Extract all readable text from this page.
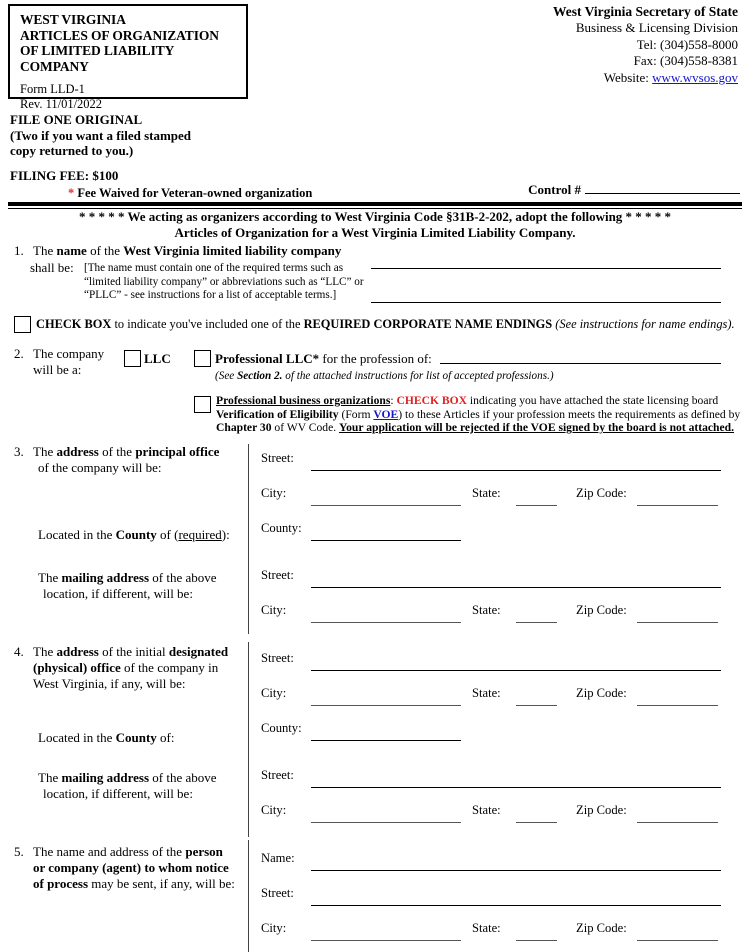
WEST VIRGINIA
ARTICLES OF ORGANIZATION
OF LIMITED LIABILITY COMPANY
Form LLD-1
Rev. 11/01/2022
West Virginia Secretary of State
Business & Licensing Division
Tel: (304)558-8000
Fax: (304)558-8381
Website: www.wvsos.gov
FILE ONE ORIGINAL
(Two if you want a filed stamped
copy returned to you.)
FILING FEE: $100
* Fee Waived for Veteran-owned organization	Control #
* * * * * We acting as organizers according to West Virginia Code §31B-2-202, adopt the following * * * * *
Articles of Organization for a West Virginia Limited Liability Company.
1. The name of the West Virginia limited liability company
shall be: [The name must contain one of the required terms such as “limited liability company” or abbreviations such as “LLC” or “PLLC” - see instructions for a list of acceptable terms.]
CHECK BOX to indicate you've included one of the REQUIRED CORPORATE NAME ENDINGS (See instructions for name endings).
2. The company
will be a:
LLC	Professional LLC* for the profession of:
(See Section 2. of the attached instructions for list of accepted professions.)
Professional business organizations: CHECK BOX indicating you have attached the state licensing board Verification of Eligibility (Form VOE) to these Articles if your profession meets the requirements as defined by Chapter 30 of WV Code. Your application will be rejected if the VOE signed by the board is not attached.
3. The address of the principal office
of the company will be:
Located in the County of (required):
The mailing address of the above
location, if different, will be:
Street:
City:	State:	Zip Code:
County:
Street:
City:	State:	Zip Code:
4. The address of the initial designated
(physical) office of the company in
West Virginia, if any, will be:
Located in the County of:
The mailing address of the above
location, if different, will be:
Street:
City:	State:	Zip Code:
County:
Street:
City:	State:	Zip Code:
5. The name and address of the person
or company (agent) to whom notice
of process may be sent, if any, will be:
Name:
Street:
City:	State:	Zip Code:
